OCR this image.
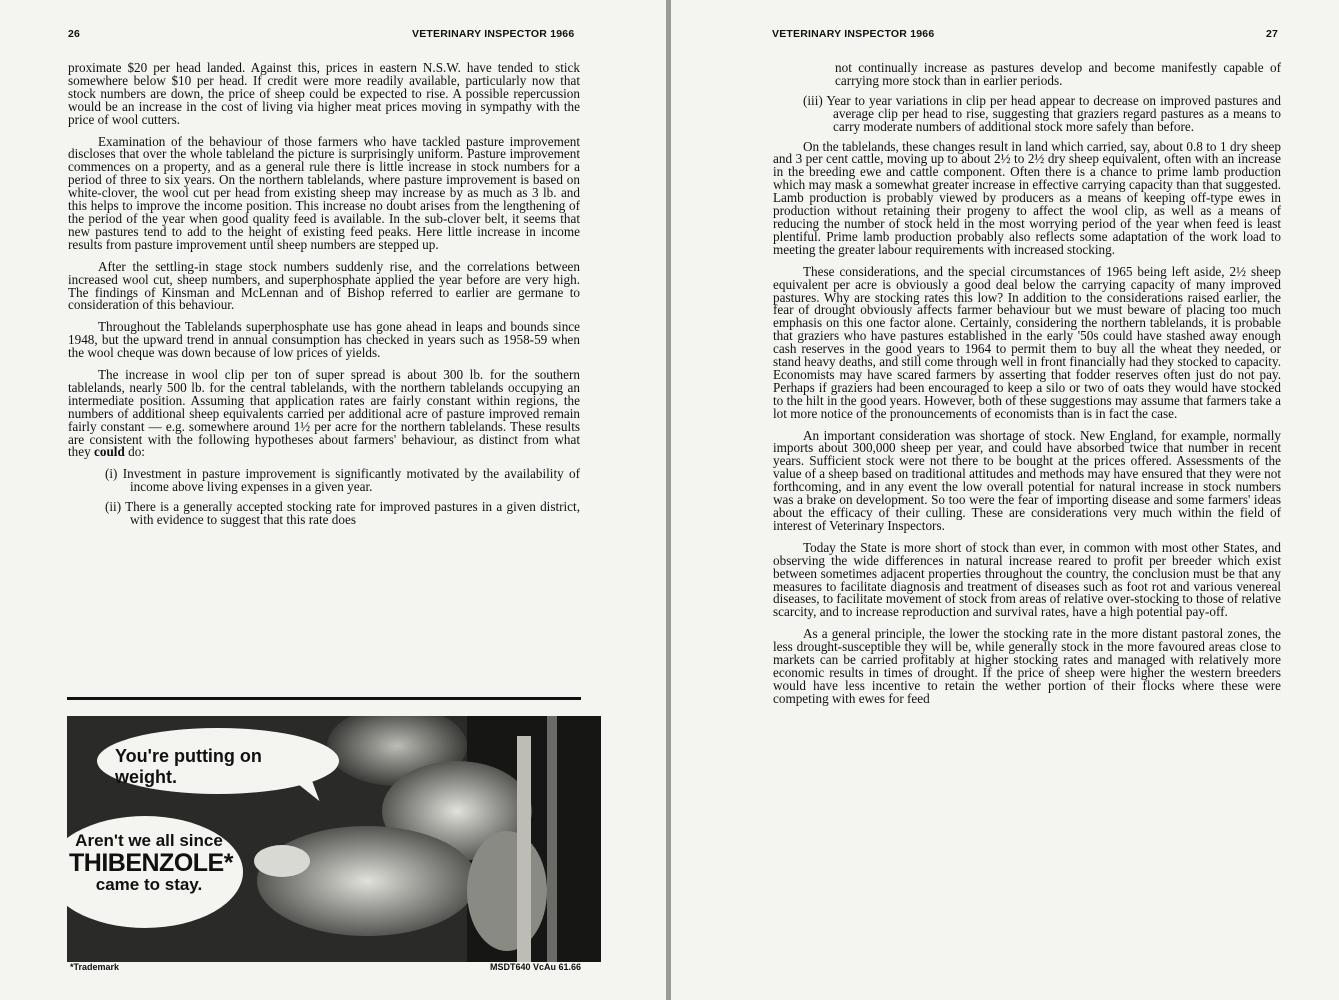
26	VETERINARY INSPECTOR 1966

proximate $20 per head landed. Against this, prices in eastern N.S.W. have tended to stick somewhere below $10 per head. If credit were more readily available, particularly now that stock numbers are down, the price of sheep could be expected to rise. A possible repercussion would be an increase in the cost of living via higher meat prices moving in sympathy with the price of wool cutters.

Examination of the behaviour of those farmers who have tackled pasture improvement discloses that over the whole tableland the picture is surprisingly uniform. Pasture improvement commences on a property, and as a general rule there is little increase in stock numbers for a period of three to six years. On the northern tablelands, where pasture improvement is based on white-clover, the wool cut per head from existing sheep may increase by as much as 3 lb. and this helps to improve the income position. This increase no doubt arises from the lengthening of the period of the year when good quality feed is available. In the sub-clover belt, it seems that new pastures tend to add to the height of existing feed peaks. Here little increase in income results from pasture improvement until sheep numbers are stepped up.

After the settling-in stage stock numbers suddenly rise, and the correlations between increased wool cut, sheep numbers, and superphosphate applied the year before are very high. The findings of Kinsman and McLennan and of Bishop referred to earlier are germane to consideration of this behaviour.

Throughout the Tablelands superphosphate use has gone ahead in leaps and bounds since 1948, but the upward trend in annual consumption has checked in years such as 1958-59 when the wool cheque was down because of low prices of yields.

The increase in wool clip per ton of super spread is about 300 lb. for the southern tablelands, nearly 500 lb. for the central tablelands, with the northern tablelands occupying an intermediate position. Assuming that application rates are fairly constant within regions, the numbers of additional sheep equivalents carried per additional acre of pasture improved remain fairly constant — e.g. somewhere around 1½ per acre for the northern tablelands. These results are consistent with the following hypotheses about farmers' behaviour, as distinct from what they could do:

(i) Investment in pasture improvement is significantly motivated by the availability of income above living expenses in a given year.
(ii) There is a generally accepted stocking rate for improved pastures in a given district, with evidence to suggest that this rate does
You're putting on weight.
Aren't we all since
THIBENZOLE*
came to stay.
*Trademark	MSDT640 VcAu 61.66
VETERINARY INSPECTOR 1966	27
not continually increase as pastures develop and become manifestly capable of carrying more stock than in earlier periods.
(iii) Year to year variations in clip per head appear to decrease on improved pastures and average clip per head to rise, suggesting that graziers regard pastures as a means to carry moderate numbers of additional stock more safely than before.

On the tablelands, these changes result in land which carried, say, about 0.8 to 1 dry sheep and 3 per cent cattle, moving up to about 2½ to 2½ dry sheep equivalent, often with an increase in the breeding ewe and cattle component. Often there is a chance to prime lamb production which may mask a somewhat greater increase in effective carrying capacity than that suggested. Lamb production is probably viewed by producers as a means of keeping off-type ewes in production without retaining their progeny to affect the wool clip, as well as a means of reducing the number of stock held in the most worrying period of the year when feed is least plentiful. Prime lamb production probably also reflects some adaptation of the work load to meeting the greater labour requirements with increased stocking.

These considerations, and the special circumstances of 1965 being left aside, 2½ sheep equivalent per acre is obviously a good deal below the carrying capacity of many improved pastures. Why are stocking rates this low? In addition to the considerations raised earlier, the fear of drought obviously affects farmer behaviour but we must beware of placing too much emphasis on this one factor alone. Certainly, considering the northern tablelands, it is probable that graziers who have pastures established in the early '50s could have stashed away enough cash reserves in the good years to 1964 to permit them to buy all the wheat they needed, or stand heavy deaths, and still come through well in front financially had they stocked to capacity. Economists may have scared farmers by asserting that fodder reserves often just do not pay. Perhaps if graziers had been encouraged to keep a silo or two of oats they would have stocked to the hilt in the good years. However, both of these suggestions may assume that farmers take a lot more notice of the pronouncements of economists than is in fact the case.

An important consideration was shortage of stock. New England, for example, normally imports about 300,000 sheep per year, and could have absorbed twice that number in recent years. Sufficient stock were not there to be bought at the prices offered. Assessments of the value of a sheep based on traditional attitudes and methods may have ensured that they were not forthcoming, and in any event the low overall potential for natural increase in stock numbers was a brake on development. So too were the fear of importing disease and some farmers' ideas about the efficacy of their culling. These are considerations very much within the field of interest of Veterinary Inspectors.

Today the State is more short of stock than ever, in common with most other States, and observing the wide differences in natural increase reared to profit per breeder which exist between sometimes adjacent properties throughout the country, the conclusion must be that any measures to facilitate diagnosis and treatment of diseases such as foot rot and various venereal diseases, to facilitate movement of stock from areas of relative over-stocking to those of relative scarcity, and to increase reproduction and survival rates, have a high potential pay-off.

As a general principle, the lower the stocking rate in the more distant pastoral zones, the less drought-susceptible they will be, while generally stock in the more favoured areas close to markets can be carried profitably at higher stocking rates and managed with relatively more economic results in times of drought. If the price of sheep were higher the western breeders would have less incentive to retain the wether portion of their flocks where these were competing with ewes for feed
